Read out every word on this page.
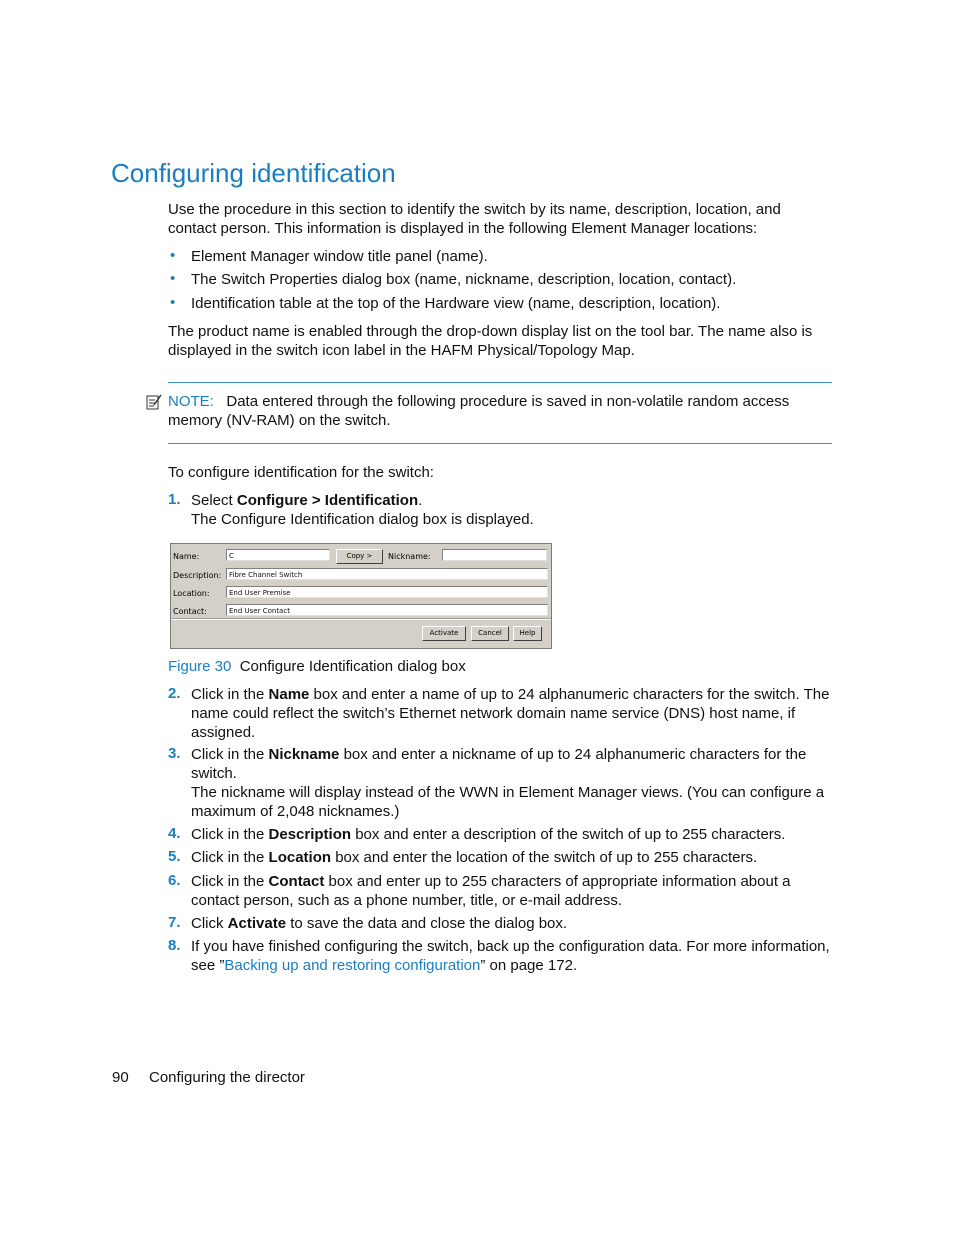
Configuring identification
Use the procedure in this section to identify the switch by its name, description, location, and contact person. This information is displayed in the following Element Manager locations:
• Element Manager window title panel (name).
• The Switch Properties dialog box (name, nickname, description, location, contact).
• Identification table at the top of the Hardware view (name, description, location).
The product name is enabled through the drop-down display list on the tool bar. The name also is displayed in the switch icon label in the HAFM Physical/Topology Map.
NOTE: Data entered through the following procedure is saved in non-volatile random access memory (NV-RAM) on the switch.
To configure identification for the switch:
1. Select Configure > Identification.
The Configure Identification dialog box is displayed.
Name:	C	Copy >	Nickname:
Description:	Fibre Channel Switch
Location:	End User Premise
Contact:	End User Contact
Activate	Cancel	Help
Figure 30 Configure Identification dialog box
2. Click in the Name box and enter a name of up to 24 alphanumeric characters for the switch. The name could reflect the switch’s Ethernet network domain name service (DNS) host name, if assigned.
3. Click in the Nickname box and enter a nickname of up to 24 alphanumeric characters for the switch.
The nickname will display instead of the WWN in Element Manager views. (You can configure a maximum of 2,048 nicknames.)
4. Click in the Description box and enter a description of the switch of up to 255 characters.
5. Click in the Location box and enter the location of the switch of up to 255 characters.
6. Click in the Contact box and enter up to 255 characters of appropriate information about a contact person, such as a phone number, title, or e-mail address.
7. Click Activate to save the data and close the dialog box.
8. If you have finished configuring the switch, back up the configuration data. For more information, see ”Backing up and restoring configuration” on page 172.
90 Configuring the director
